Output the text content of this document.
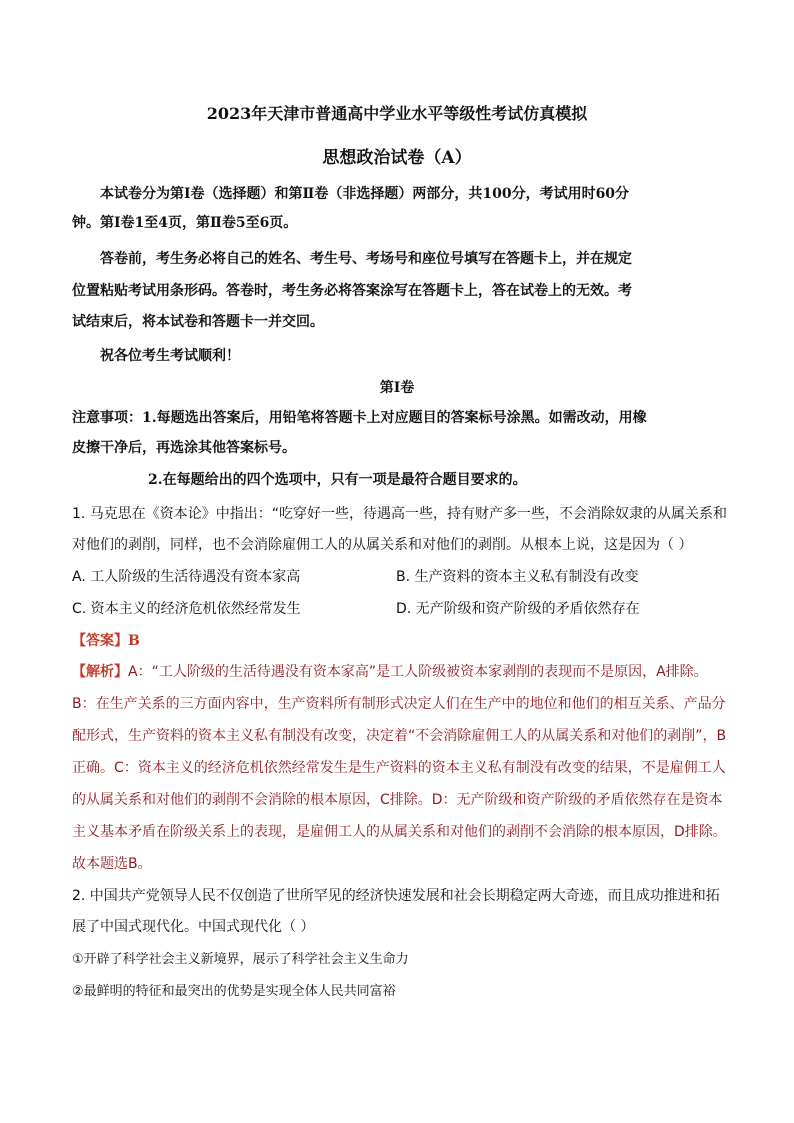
2023年天津市普通高中学业水平等级性考试仿真模拟
思想政治试卷（A）
本试卷分为第Ⅰ卷（选择题）和第Ⅱ卷（非选择题）两部分，共100分，考试用时60分
钟。第Ⅰ卷1至4页，第Ⅱ卷5至6页。
答卷前，考生务必将自己的姓名、考生号、考场号和座位号填写在答题卡上，并在规定
位置粘贴考试用条形码。答卷时，考生务必将答案涂写在答题卡上，答在试卷上的无效。考
试结束后，将本试卷和答题卡一并交回。
祝各位考生考试顺利！
第Ⅰ卷
注意事项：1.每题选出答案后，用铅笔将答题卡上对应题目的答案标号涂黑。如需改动，用橡
皮擦干净后，再选涂其他答案标号。
2.在每题给出的四个选项中，只有一项是最符合题目要求的。
1. 马克思在《资本论》中指出：“吃穿好一些，待遇高一些，持有财产多一些，不会消除奴隶的从属关系和
对他们的剥削，同样，也不会消除雇佣工人的从属关系和对他们的剥削。从根本上说，这是因为（ ）
A. 工人阶级的生活待遇没有资本家高	B. 生产资料的资本主义私有制没有改变
C. 资本主义的经济危机依然经常发生	D. 无产阶级和资产阶级的矛盾依然存在
【答案】B
【解析】A：“工人阶级的生活待遇没有资本家高”是工人阶级被资本家剥削的表现而不是原因，A排除。
B：在生产关系的三方面内容中，生产资料所有制形式决定人们在生产中的地位和他们的相互关系、产品分
配形式，生产资料的资本主义私有制没有改变，决定着“不会消除雇佣工人的从属关系和对他们的剥削”，B
正确。C：资本主义的经济危机依然经常发生是生产资料的资本主义私有制没有改变的结果，不是雇佣工人
的从属关系和对他们的剥削不会消除的根本原因，C排除。D：无产阶级和资产阶级的矛盾依然存在是资本
主义基本矛盾在阶级关系上的表现，是雇佣工人的从属关系和对他们的剥削不会消除的根本原因，D排除。
故本题选B。
2. 中国共产党领导人民不仅创造了世所罕见的经济快速发展和社会长期稳定两大奇迹，而且成功推进和拓
展了中国式现代化。中国式现代化（ ）
①开辟了科学社会主义新境界，展示了科学社会主义生命力
②最鲜明的特征和最突出的优势是实现全体人民共同富裕
